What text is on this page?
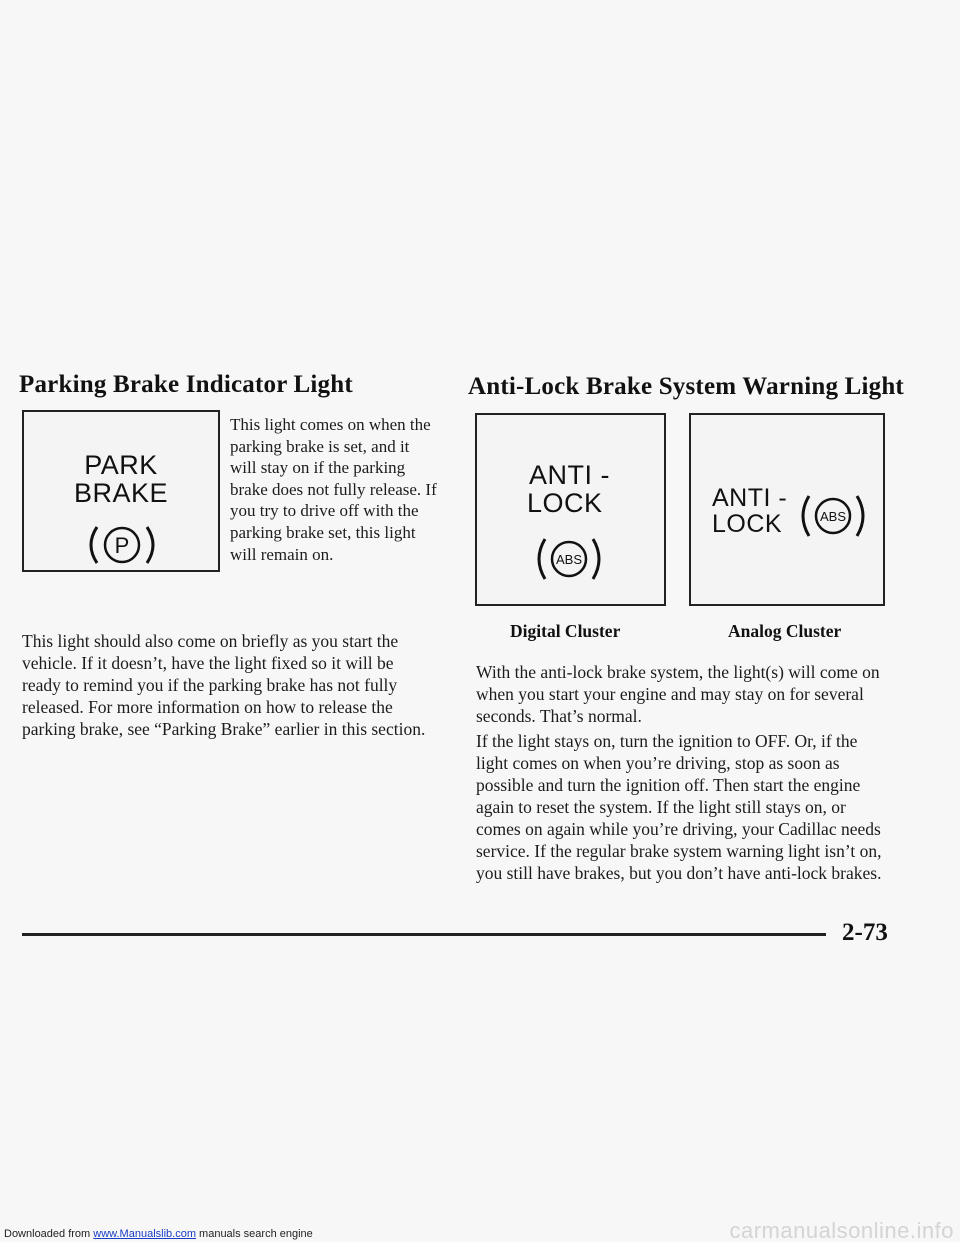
Parking Brake Indicator Light
PARK
BRAKE
P
This light comes on when the parking brake is set, and it will stay on if the parking brake does not fully release. If you try to drive off with the parking brake set, this light will remain on.
This light should also come on briefly as you start the vehicle. If it doesn’t, have the light fixed so it will be ready to remind you if the parking brake has not fully released. For more information on how to release the parking brake, see “Parking Brake” earlier in this section.
Anti-Lock Brake System Warning Light
ANTI -
LOCK
ABS
ANTI -
LOCK	ABS
Digital Cluster	Analog Cluster
With the anti-lock brake system, the light(s) will come on when you start your engine and may stay on for several seconds. That’s normal.
If the light stays on, turn the ignition to OFF. Or, if the light comes on when you’re driving, stop as soon as possible and turn the ignition off. Then start the engine again to reset the system. If the light still stays on, or comes on again while you’re driving, your Cadillac needs service. If the regular brake system warning light isn’t on, you still have brakes, but you don’t have anti-lock brakes.
2-73
Downloaded from www.Manualslib.com manuals search engine	carmanualsonline.info
